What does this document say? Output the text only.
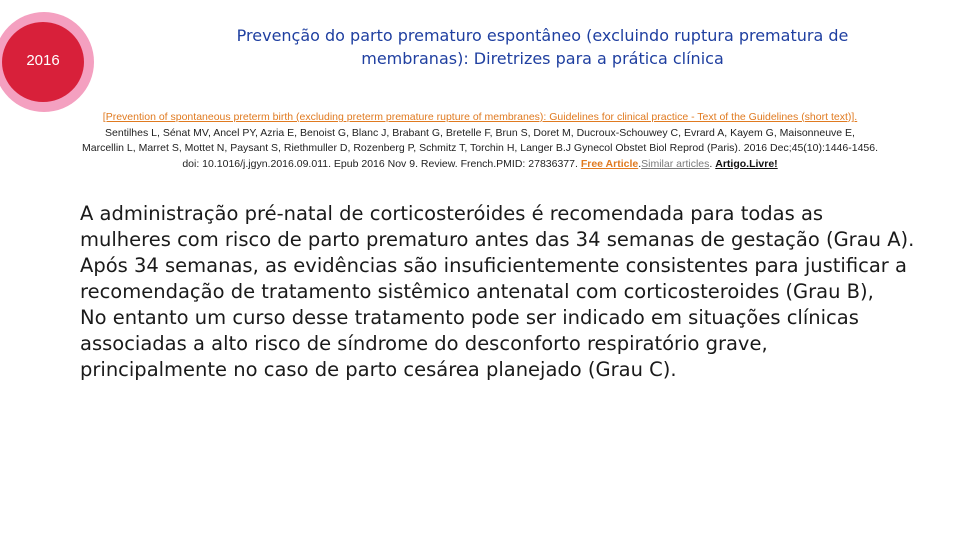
2016
Prevenção do parto prematuro espontâneo (excluindo ruptura prematura de
membranas): Diretrizes para a prática clínica
[Prevention of spontaneous preterm birth (excluding preterm premature rupture of membranes): Guidelines for clinical practice - Text of the Guidelines (short text)].
Sentilhes L, Sénat MV, Ancel PY, Azria E, Benoist G, Blanc J, Brabant G, Bretelle F, Brun S, Doret M, Ducroux-Schouwey C, Evrard A, Kayem G, Maisonneuve E,
Marcellin L, Marret S, Mottet N, Paysant S, Riethmuller D, Rozenberg P, Schmitz T, Torchin H, Langer B.J Gynecol Obstet Biol Reprod (Paris). 2016 Dec;45(10):1446-1456.
doi: 10.1016/j.jgyn.2016.09.011. Epub 2016 Nov 9. Review. French.PMID: 27836377. Free Article.Similar articles. Artigo.Livre!
A administração pré-natal de corticosteróides é recomendada para todas as mulheres com risco de parto prematuro antes das 34 semanas de gestação (Grau A).
Após 34 semanas, as evidências são insuficientemente consistentes para justificar a recomendação de tratamento sistêmico antenatal com corticosteroides (Grau B),
No entanto um curso desse tratamento pode ser indicado em situações clínicas associadas a alto risco de síndrome do desconforto respiratório grave, principalmente no caso de parto cesárea planejado (Grau C).
